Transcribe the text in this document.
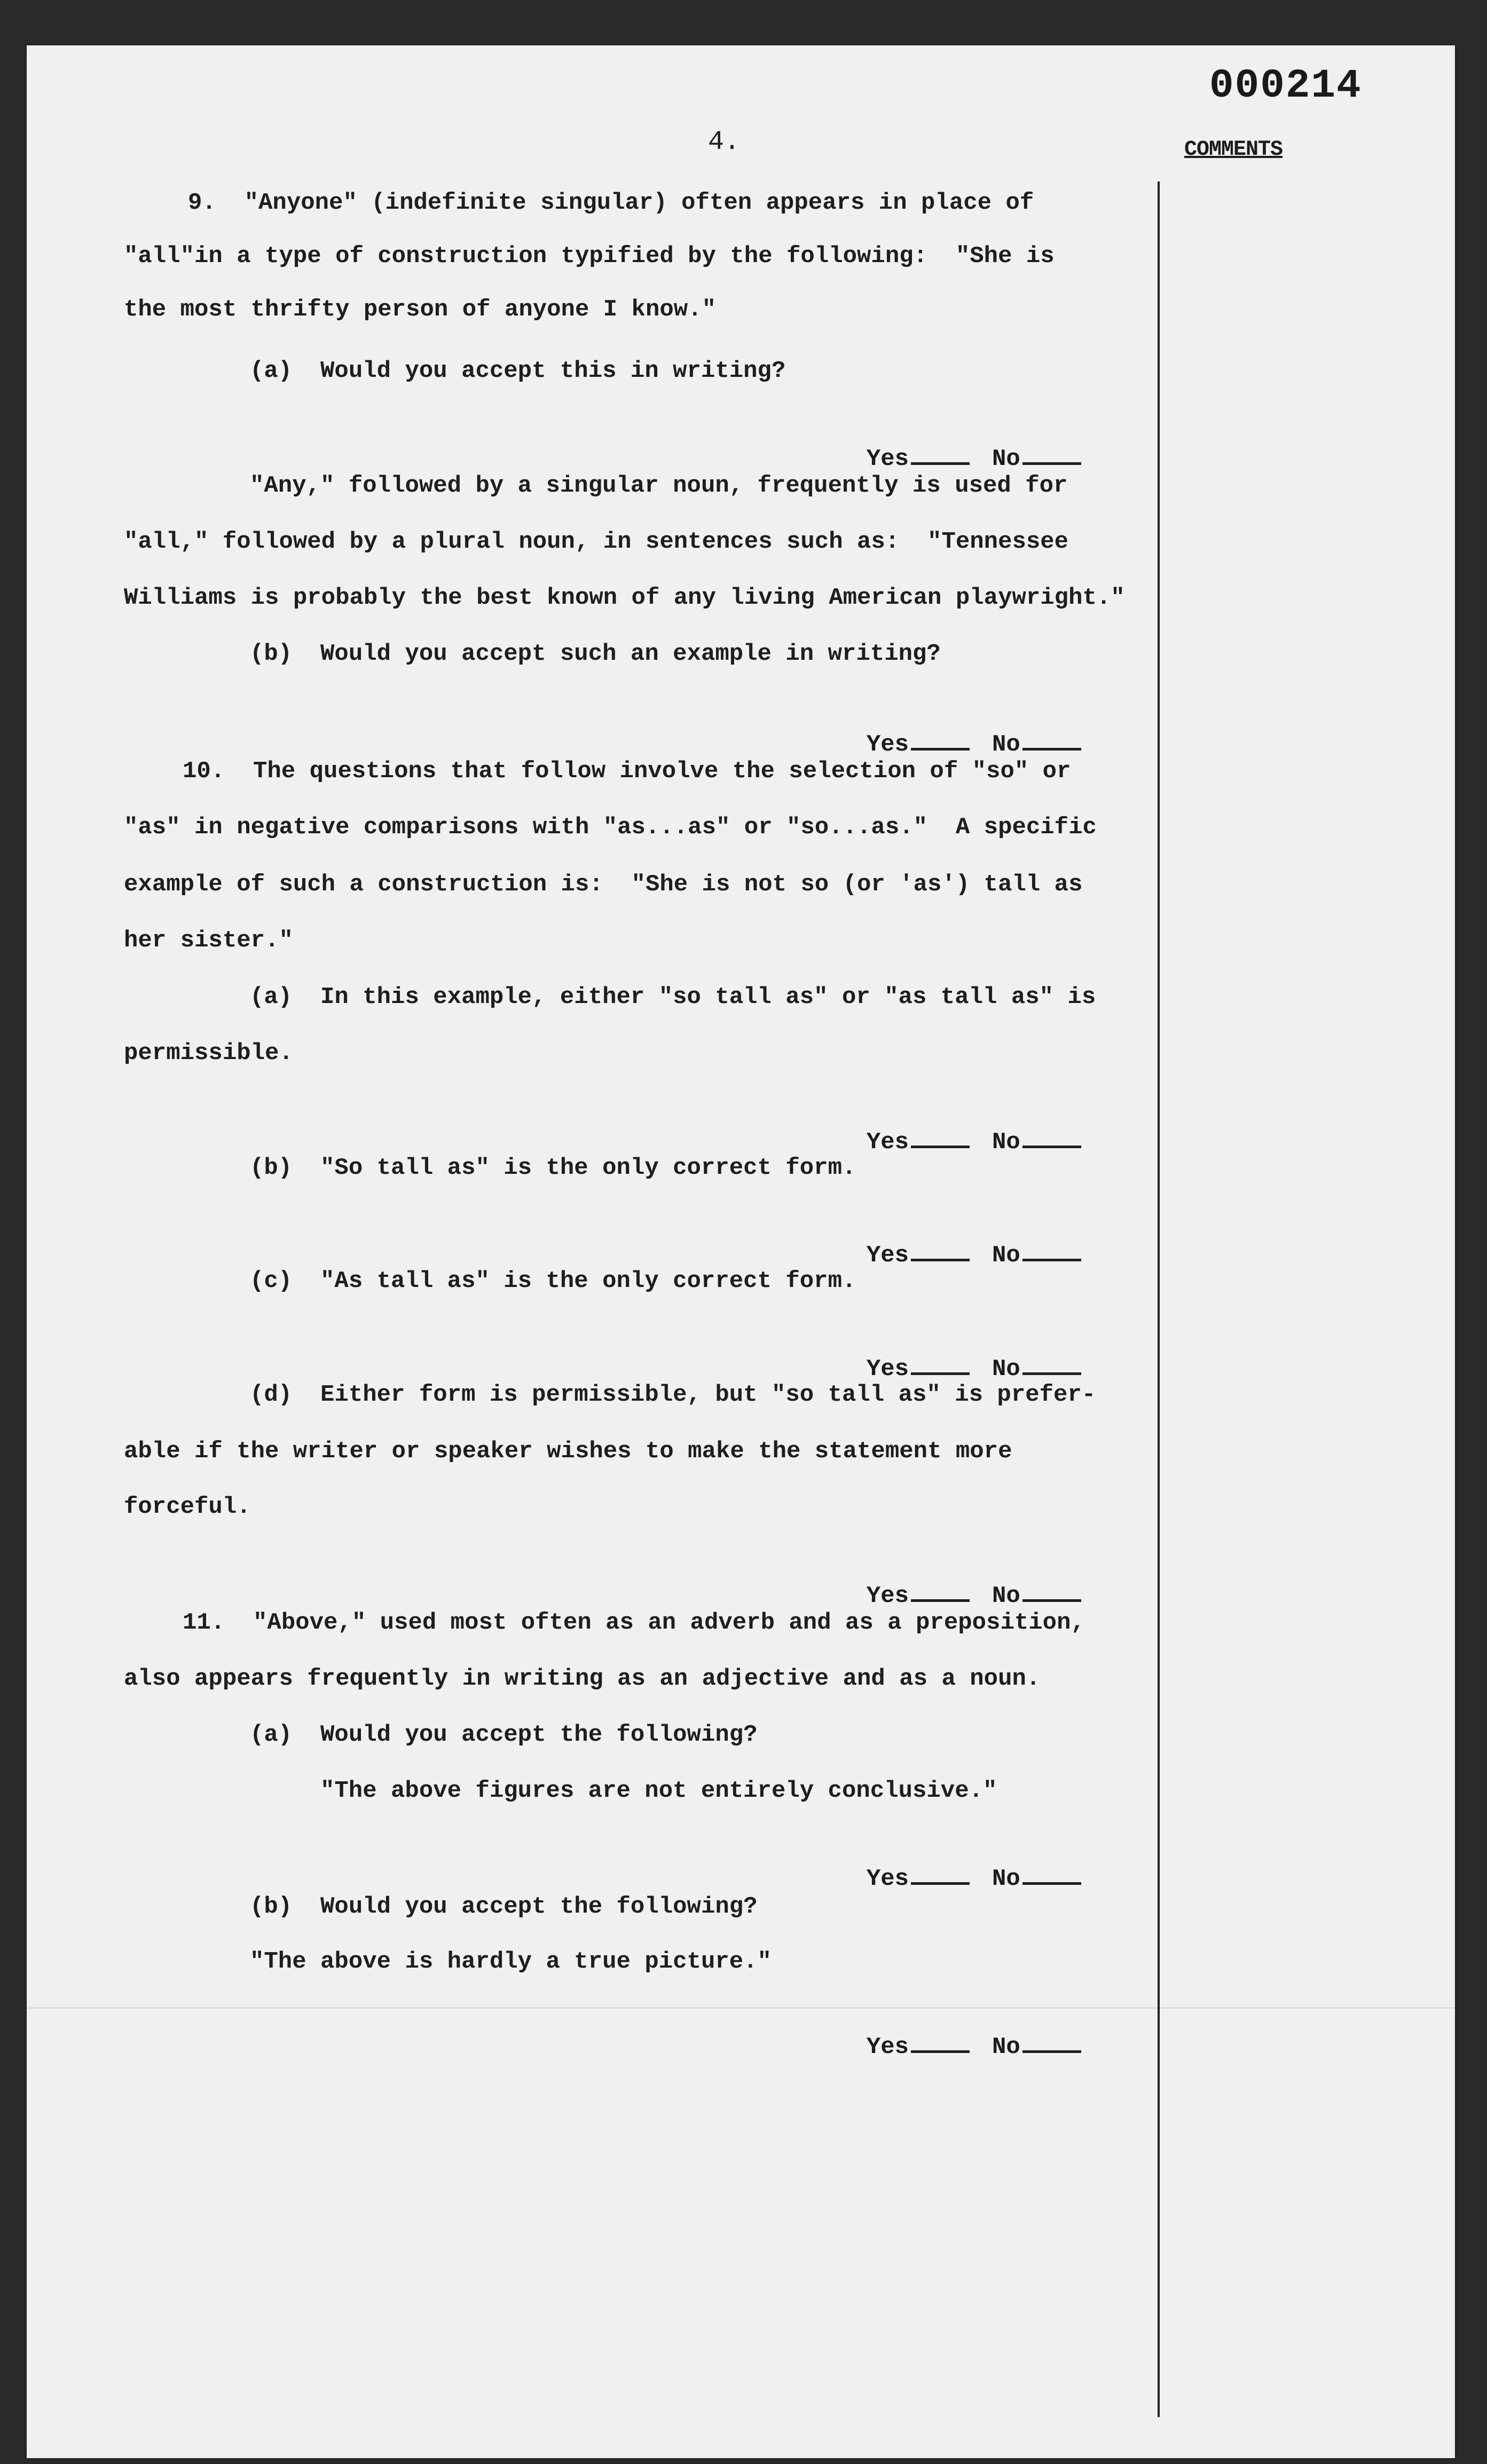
000214
4.	COMMENTS
9.  "Anyone" (indefinite singular) often appears in place of
"all"in a type of construction typified by the following:  "She is
the most thrifty person of anyone I know."
(a)  Would you accept this in writing?

Yes	No

"Any," followed by a singular noun, frequently is used for
"all," followed by a plural noun, in sentences such as:  "Tennessee
Williams is probably the best known of any living American playwright."
(b)  Would you accept such an example in writing?

Yes	No

10.  The questions that follow involve the selection of "so" or
"as" in negative comparisons with "as...as" or "so...as."  A specific
example of such a construction is:  "She is not so (or 'as') tall as
her sister."
(a)  In this example, either "so tall as" or "as tall as" is
permissible.

Yes	No

(b)  "So tall as" is the only correct form.

Yes	No

(c)  "As tall as" is the only correct form.

Yes	No

(d)  Either form is permissible, but "so tall as" is prefer-
able if the writer or speaker wishes to make the statement more
forceful.

Yes	No

11.  "Above," used most often as an adverb and as a preposition,
also appears frequently in writing as an adjective and as a noun.
(a)  Would you accept the following?
"The above figures are not entirely conclusive."

Yes	No

(b)  Would you accept the following?
"The above is hardly a true picture."

Yes	No
